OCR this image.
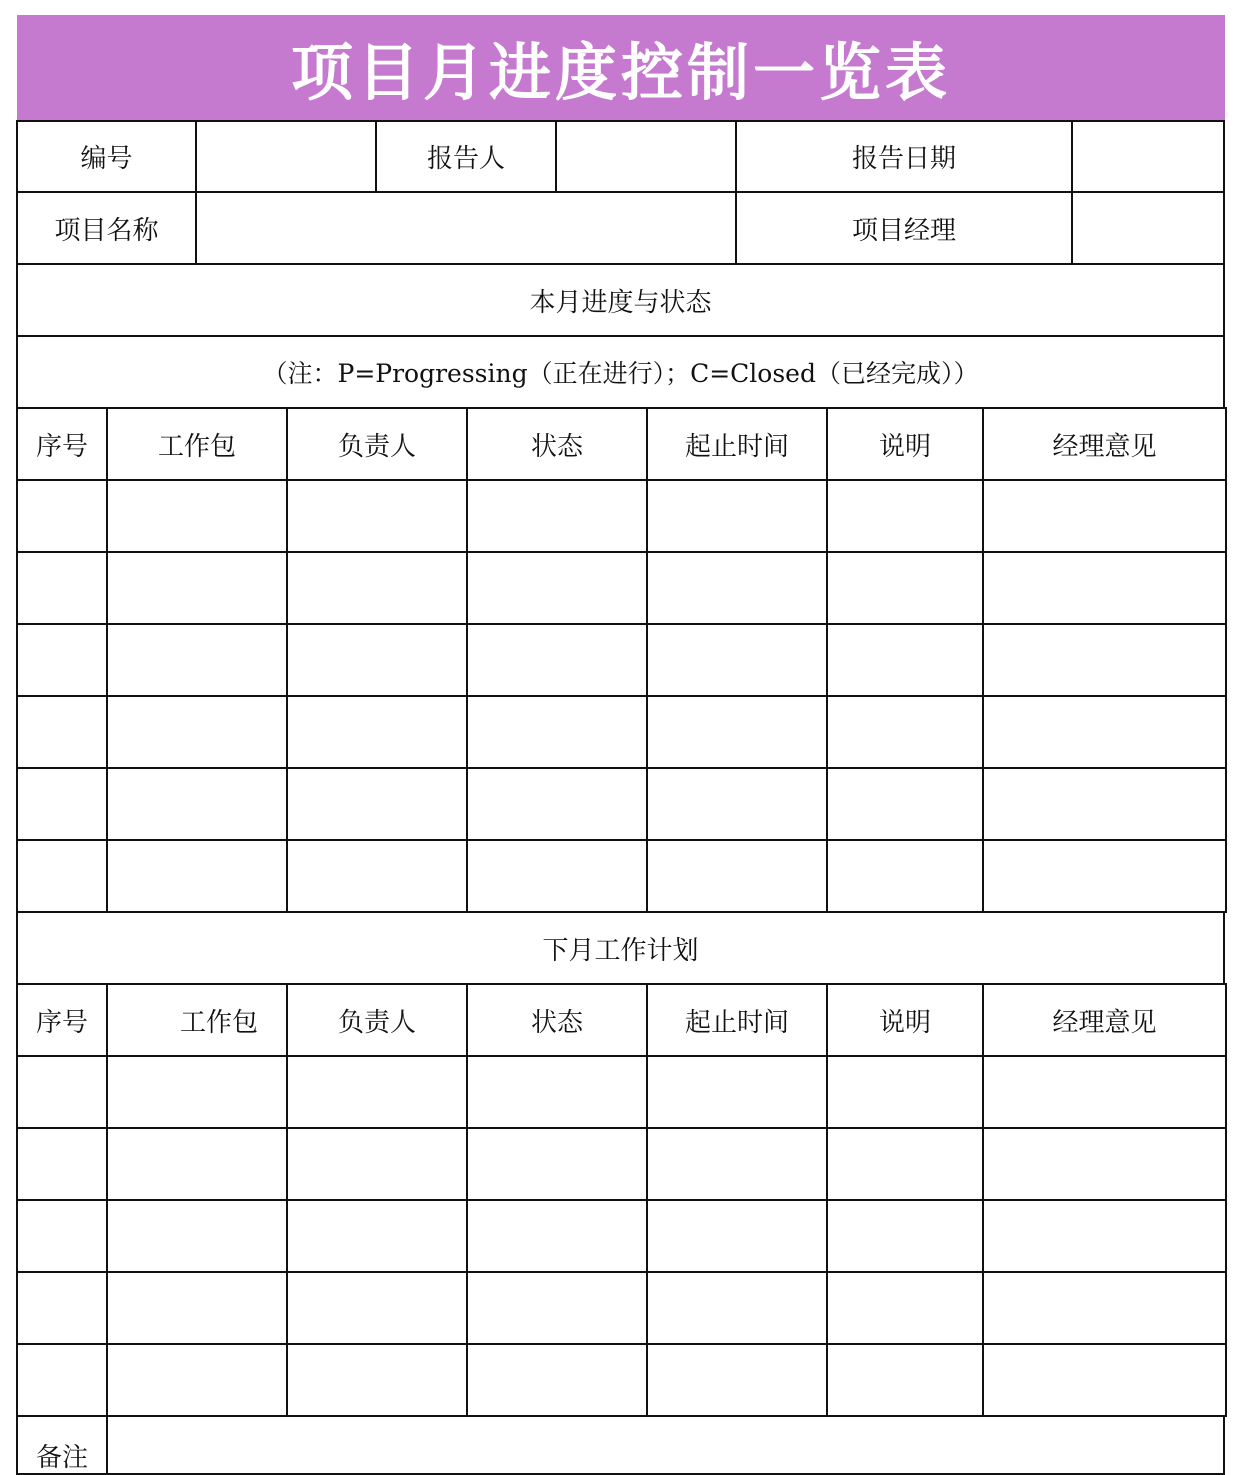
项目月进度控制一览表
编号	报告人	报告日期
项目名称	项目经理
本月进度与状态
（注：P=Progressing（正在进行）；C=Closed（已经完成））
序号	工作包	负责人	状态	起止时间	说明	经理意见
下月工作计划
序号	工作包	负责人	状态	起止时间	说明	经理意见
备注
